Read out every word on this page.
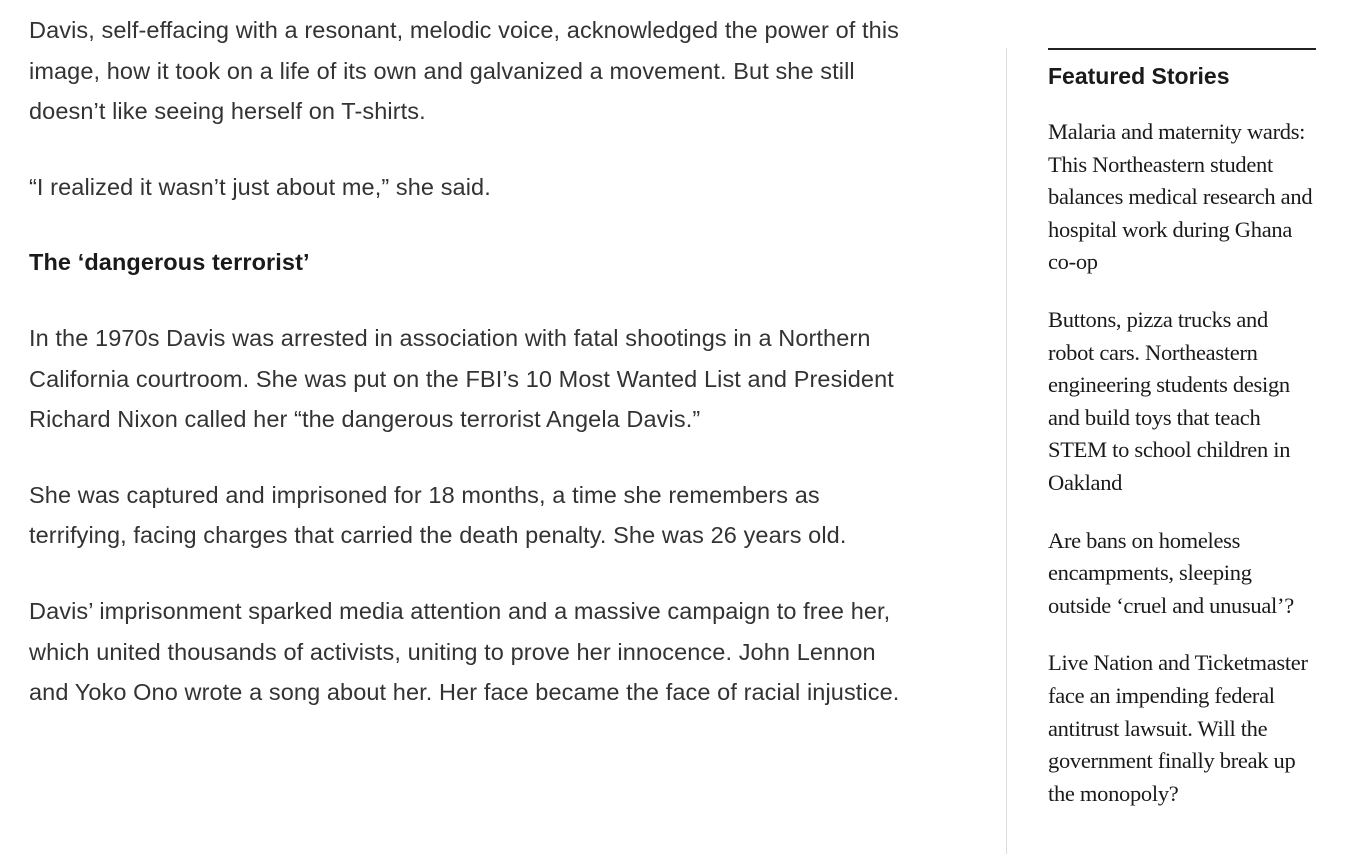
Davis, self-effacing with a resonant, melodic voice, acknowledged the power of this image, how it took on a life of its own and galvanized a movement. But she still doesn’t like seeing herself on T-shirts.

“I realized it wasn’t just about me,” she said.

The ‘dangerous terrorist’

In the 1970s Davis was arrested in association with fatal shootings in a Northern California courtroom. She was put on the FBI’s 10 Most Wanted List and President Richard Nixon called her “the dangerous terrorist Angela Davis.”

She was captured and imprisoned for 18 months, a time she remembers as terrifying, facing charges that carried the death penalty. She was 26 years old.

Davis’ imprisonment sparked media attention and a massive campaign to free her, which united thousands of activists, uniting to prove her innocence. John Lennon and Yoko Ono wrote a song about her. Her face became the face of racial injustice.

Featured Stories
Malaria and maternity wards: This Northeastern student balances medical research and hospital work during Ghana co-op
Buttons, pizza trucks and robot cars. Northeastern engineering students design and build toys that teach STEM to school children in Oakland
Are bans on homeless encampments, sleeping outside ‘cruel and unusual’?
Live Nation and Ticketmaster face an impending federal antitrust lawsuit. Will the government finally break up the monopoly?
